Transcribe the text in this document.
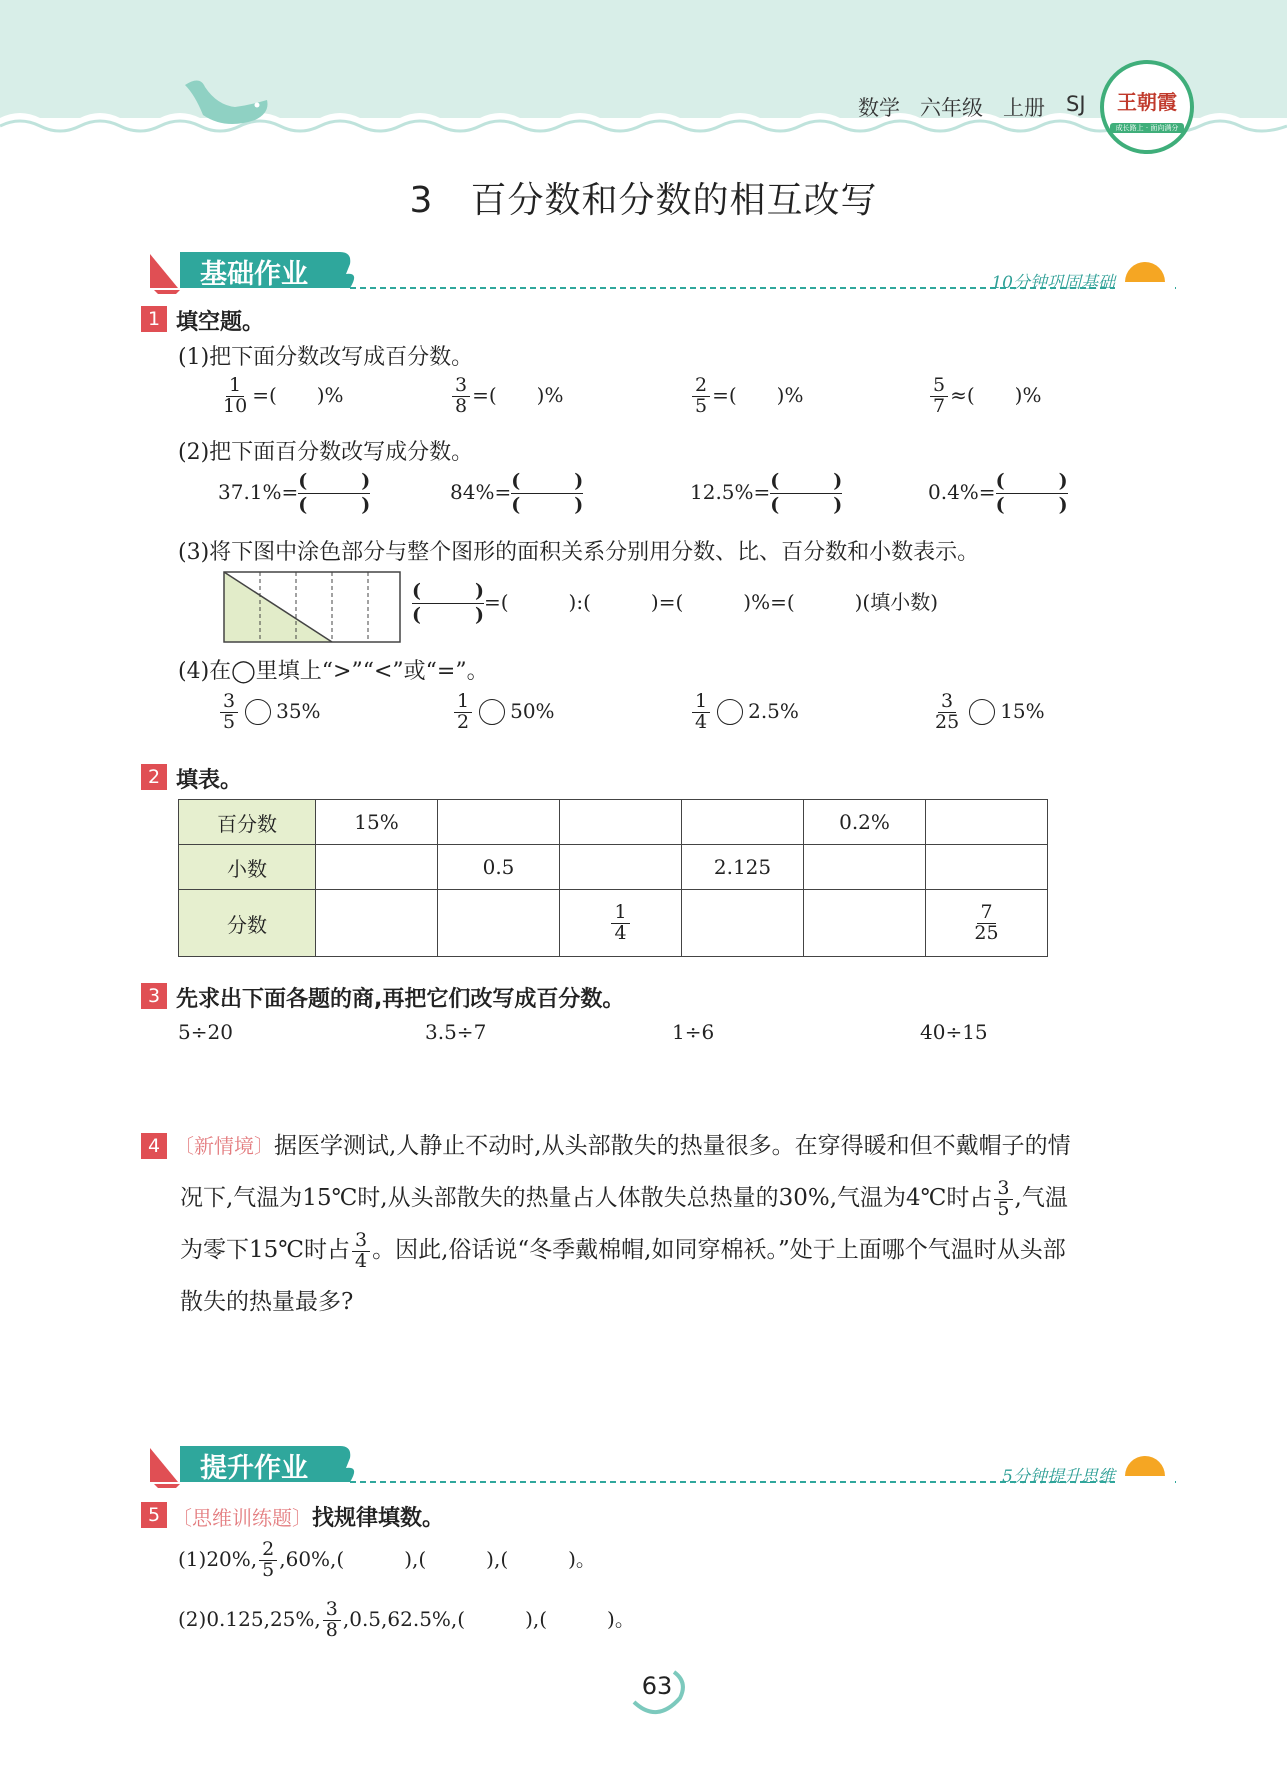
数学 六年级 上册 SJ	王朝霞
成长路上 · 面向满分
3　百分数和分数的相互改写
基础作业	10分钟巩固基础
1 填空题。
(1)把下面分数改写成百分数。
$\frac{1}{10}$ =(　　)%	$\frac{3}{8}$ =(　　)%	$\frac{2}{5}$ =(　　)%	$\frac{5}{7}$ ≈(　　)%
(2)把下面百分数改写成分数。
37.1%= (	)
(	)
84%= (	)
(	)
12.5%= (	)
(	)
0.4%= (	)
(	)
(3)将下图中涂色部分与整个图形的面积关系分别用分数、比、百分数和小数表示。
(	)
(	)
=(　　　):(　　　)=(　　　)%=(　　　)(填小数)
(4)在◯里填上“>”“<”或“=”。
$\frac{3}{5} 35\%$	$\frac{1}{2} 50\%$	$\frac{1}{4} 2.5\%$	$\frac{3}{25} 15\%$
2 填表。
百分数	15%				0.2%	
小数		0.5		2.125		
分数			$\frac{1}{4}$			$\frac{7}{25}$
3 先求出下面各题的商,再把它们改写成百分数。
5÷20	3.5÷7	1÷6	40÷15
4 〔新情境〕据医学测试,人静止不动时,从头部散失的热量很多。在穿得暖和但不戴帽子的情
况下,气温为15℃时,从头部散失的热量占人体散失总热量的30%,气温为4℃时占 $\frac{3}{5}$ ,气温
为零下15℃时占 $\frac{3}{4}$ 。因此,俗话说“冬季戴棉帽,如同穿棉袄。”处于上面哪个气温时从头部
散失的热量最多?
提升作业	5分钟提升思维
5 〔思维训练题〕找规律填数。
(1)20%, $\frac{2}{5} ,60\%$,(　　　),(　　　),(　　　)。
(2)0.125,25%, $\frac{3}{8} ,0.5,62.5\%$,(　　　),(　　　)。
63
